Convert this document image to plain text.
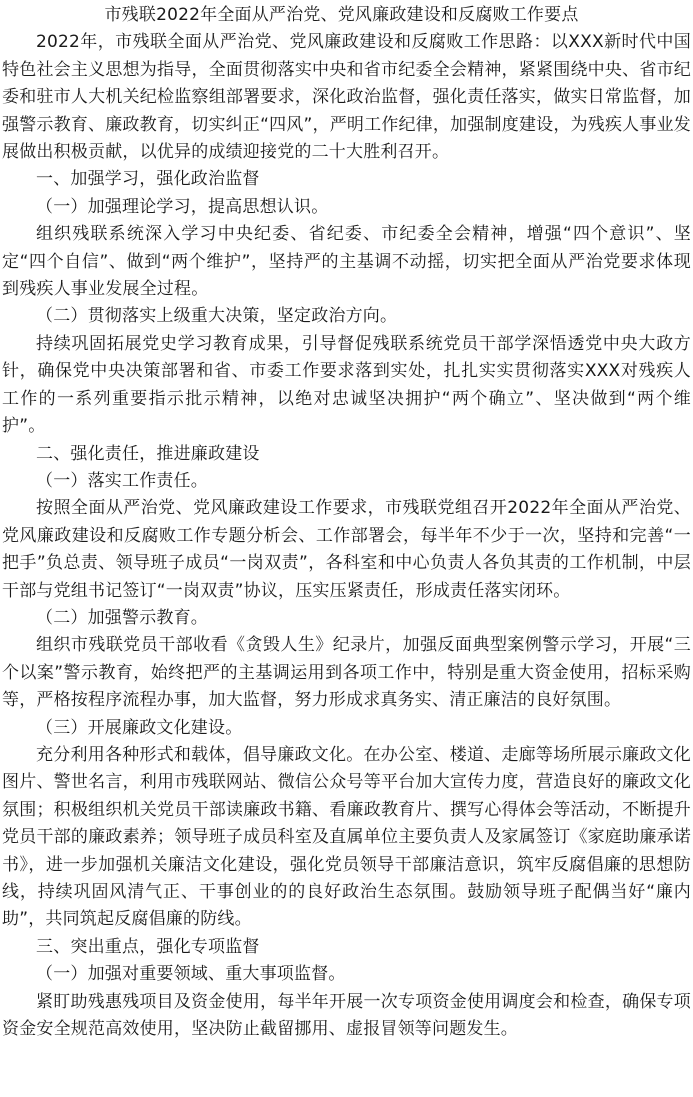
市残联2022年全面从严治党、党风廉政建设和反腐败工作要点

2022年，市残联全面从严治党、党风廉政建设和反腐败工作思路：以XXX新时代中国特色社会主义思想为指导，全面贯彻落实中央和省市纪委全会精神，紧紧围绕中央、省市纪委和驻市人大机关纪检监察组部署要求，深化政治监督，强化责任落实，做实日常监督，加强警示教育、廉政教育，切实纠正“四风”，严明工作纪律，加强制度建设，为残疾人事业发展做出积极贡献，以优异的成绩迎接党的二十大胜利召开。

一、加强学习，强化政治监督

（一）加强理论学习，提高思想认识。

组织残联系统深入学习中央纪委、省纪委、市纪委全会精神，增强“四个意识”、坚定“四个自信”、做到“两个维护”，坚持严的主基调不动摇，切实把全面从严治党要求体现到残疾人事业发展全过程。

（二）贯彻落实上级重大决策，坚定政治方向。

持续巩固拓展党史学习教育成果，引导督促残联系统党员干部学深悟透党中央大政方针，确保党中央决策部署和省、市委工作要求落到实处，扎扎实实贯彻落实XXX对残疾人工作的一系列重要指示批示精神，以绝对忠诚坚决拥护“两个确立”、坚决做到“两个维护”。

二、强化责任，推进廉政建设

（一）落实工作责任。

按照全面从严治党、党风廉政建设工作要求，市残联党组召开2022年全面从严治党、党风廉政建设和反腐败工作专题分析会、工作部署会，每半年不少于一次，坚持和完善“一把手”负总责、领导班子成员“一岗双责”，各科室和中心负责人各负其责的工作机制，中层干部与党组书记签订“一岗双责”协议，压实压紧责任，形成责任落实闭环。

（二）加强警示教育。

组织市残联党员干部收看《贪毁人生》纪录片，加强反面典型案例警示学习，开展“三个以案”警示教育，始终把严的主基调运用到各项工作中，特别是重大资金使用，招标采购等，严格按程序流程办事，加大监督，努力形成求真务实、清正廉洁的良好氛围。

（三）开展廉政文化建设。

充分利用各种形式和载体，倡导廉政文化。在办公室、楼道、走廊等场所展示廉政文化图片、警世名言，利用市残联网站、微信公众号等平台加大宣传力度，营造良好的廉政文化氛围；积极组织机关党员干部读廉政书籍、看廉政教育片、撰写心得体会等活动，不断提升党员干部的廉政素养；领导班子成员科室及直属单位主要负责人及家属签订《家庭助廉承诺书》，进一步加强机关廉洁文化建设，强化党员领导干部廉洁意识，筑牢反腐倡廉的思想防线，持续巩固风清气正、干事创业的的良好政治生态氛围。鼓励领导班子配偶当好“廉内助”，共同筑起反腐倡廉的防线。

三、突出重点，强化专项监督

（一）加强对重要领域、重大事项监督。

紧盯助残惠残项目及资金使用，每半年开展一次专项资金使用调度会和检查，确保专项资金安全规范高效使用，坚决防止截留挪用、虚报冒领等问题发生。
